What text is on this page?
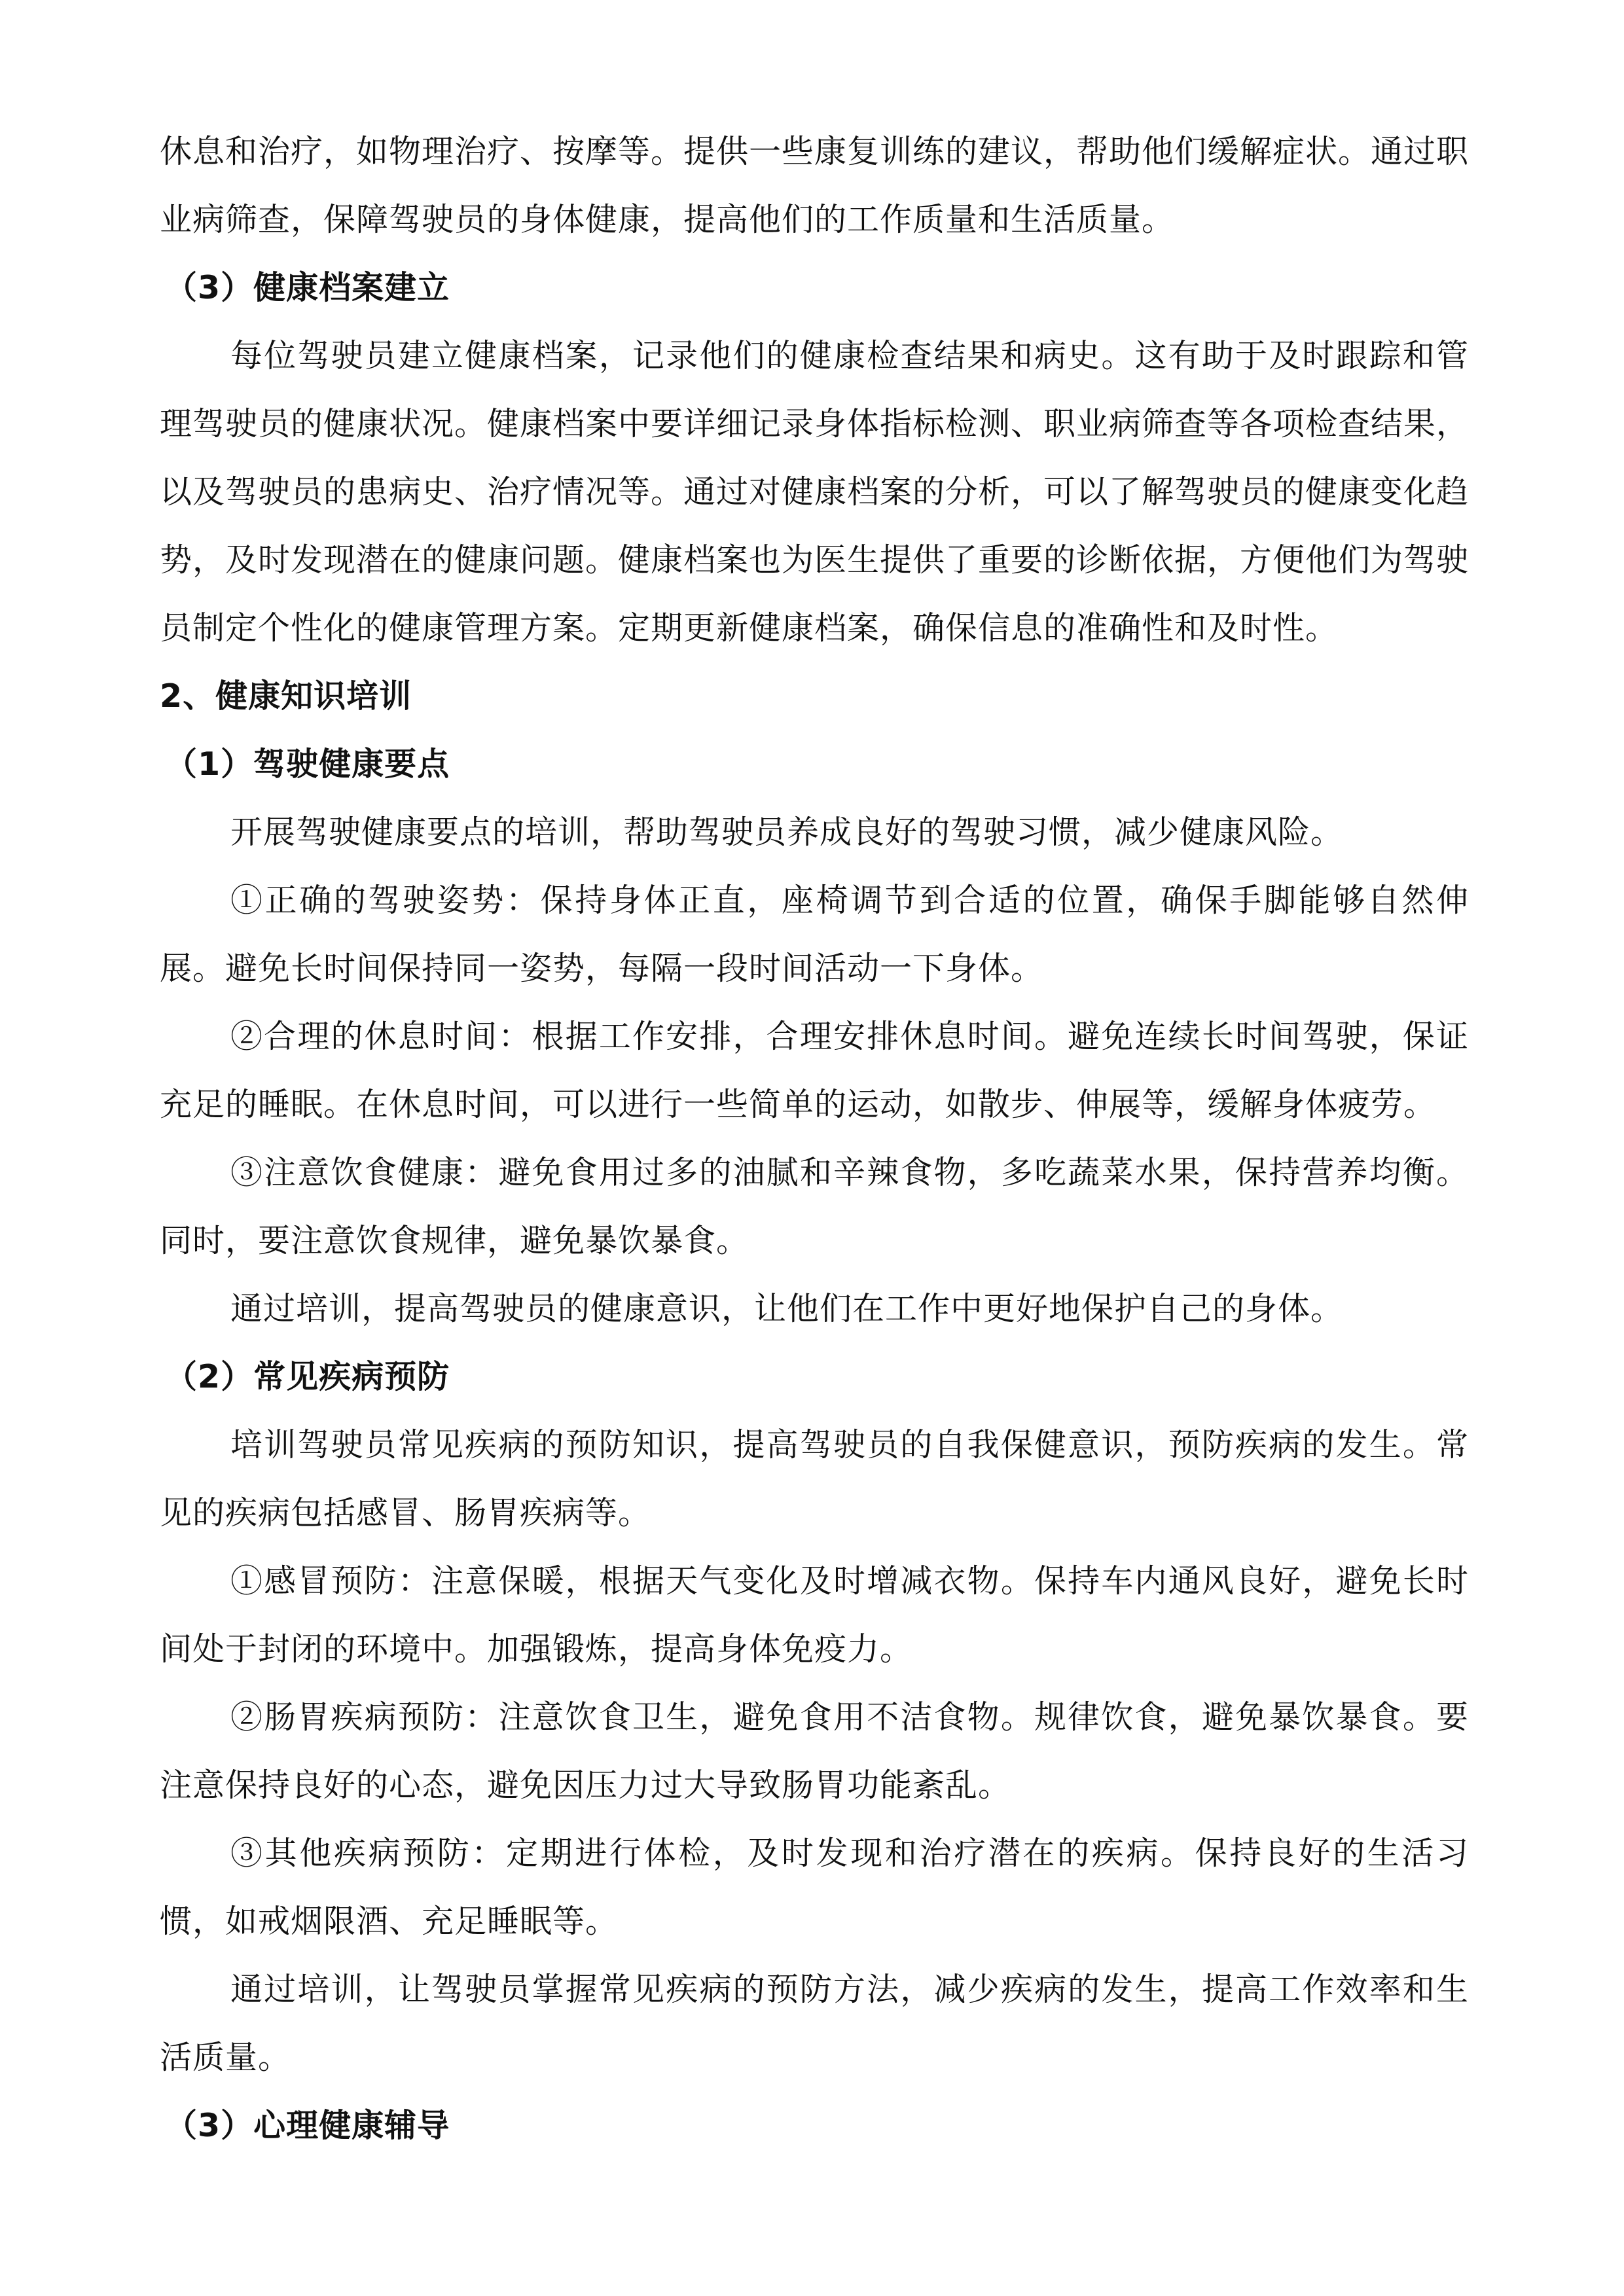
休息和治疗，如物理治疗、按摩等。提供一些康复训练的建议，帮助他们缓解症状。通过职业病筛查，保障驾驶员的身体健康，提高他们的工作质量和生活质量。

（3）健康档案建立

每位驾驶员建立健康档案，记录他们的健康检查结果和病史。这有助于及时跟踪和管理驾驶员的健康状况。健康档案中要详细记录身体指标检测、职业病筛查等各项检查结果，以及驾驶员的患病史、治疗情况等。通过对健康档案的分析，可以了解驾驶员的健康变化趋势，及时发现潜在的健康问题。健康档案也为医生提供了重要的诊断依据，方便他们为驾驶员制定个性化的健康管理方案。定期更新健康档案，确保信息的准确性和及时性。

2、健康知识培训

（1）驾驶健康要点

开展驾驶健康要点的培训，帮助驾驶员养成良好的驾驶习惯，减少健康风险。

①正确的驾驶姿势：保持身体正直，座椅调节到合适的位置，确保手脚能够自然伸展。避免长时间保持同一姿势，每隔一段时间活动一下身体。

②合理的休息时间：根据工作安排，合理安排休息时间。避免连续长时间驾驶，保证充足的睡眠。在休息时间，可以进行一些简单的运动，如散步、伸展等，缓解身体疲劳。

③注意饮食健康：避免食用过多的油腻和辛辣食物，多吃蔬菜水果，保持营养均衡。同时，要注意饮食规律，避免暴饮暴食。

通过培训，提高驾驶员的健康意识，让他们在工作中更好地保护自己的身体。

（2）常见疾病预防

培训驾驶员常见疾病的预防知识，提高驾驶员的自我保健意识，预防疾病的发生。常见的疾病包括感冒、肠胃疾病等。

①感冒预防：注意保暖，根据天气变化及时增减衣物。保持车内通风良好，避免长时间处于封闭的环境中。加强锻炼，提高身体免疫力。

②肠胃疾病预防：注意饮食卫生，避免食用不洁食物。规律饮食，避免暴饮暴食。要注意保持良好的心态，避免因压力过大导致肠胃功能紊乱。

③其他疾病预防：定期进行体检，及时发现和治疗潜在的疾病。保持良好的生活习惯，如戒烟限酒、充足睡眠等。

通过培训，让驾驶员掌握常见疾病的预防方法，减少疾病的发生，提高工作效率和生活质量。

（3）心理健康辅导
